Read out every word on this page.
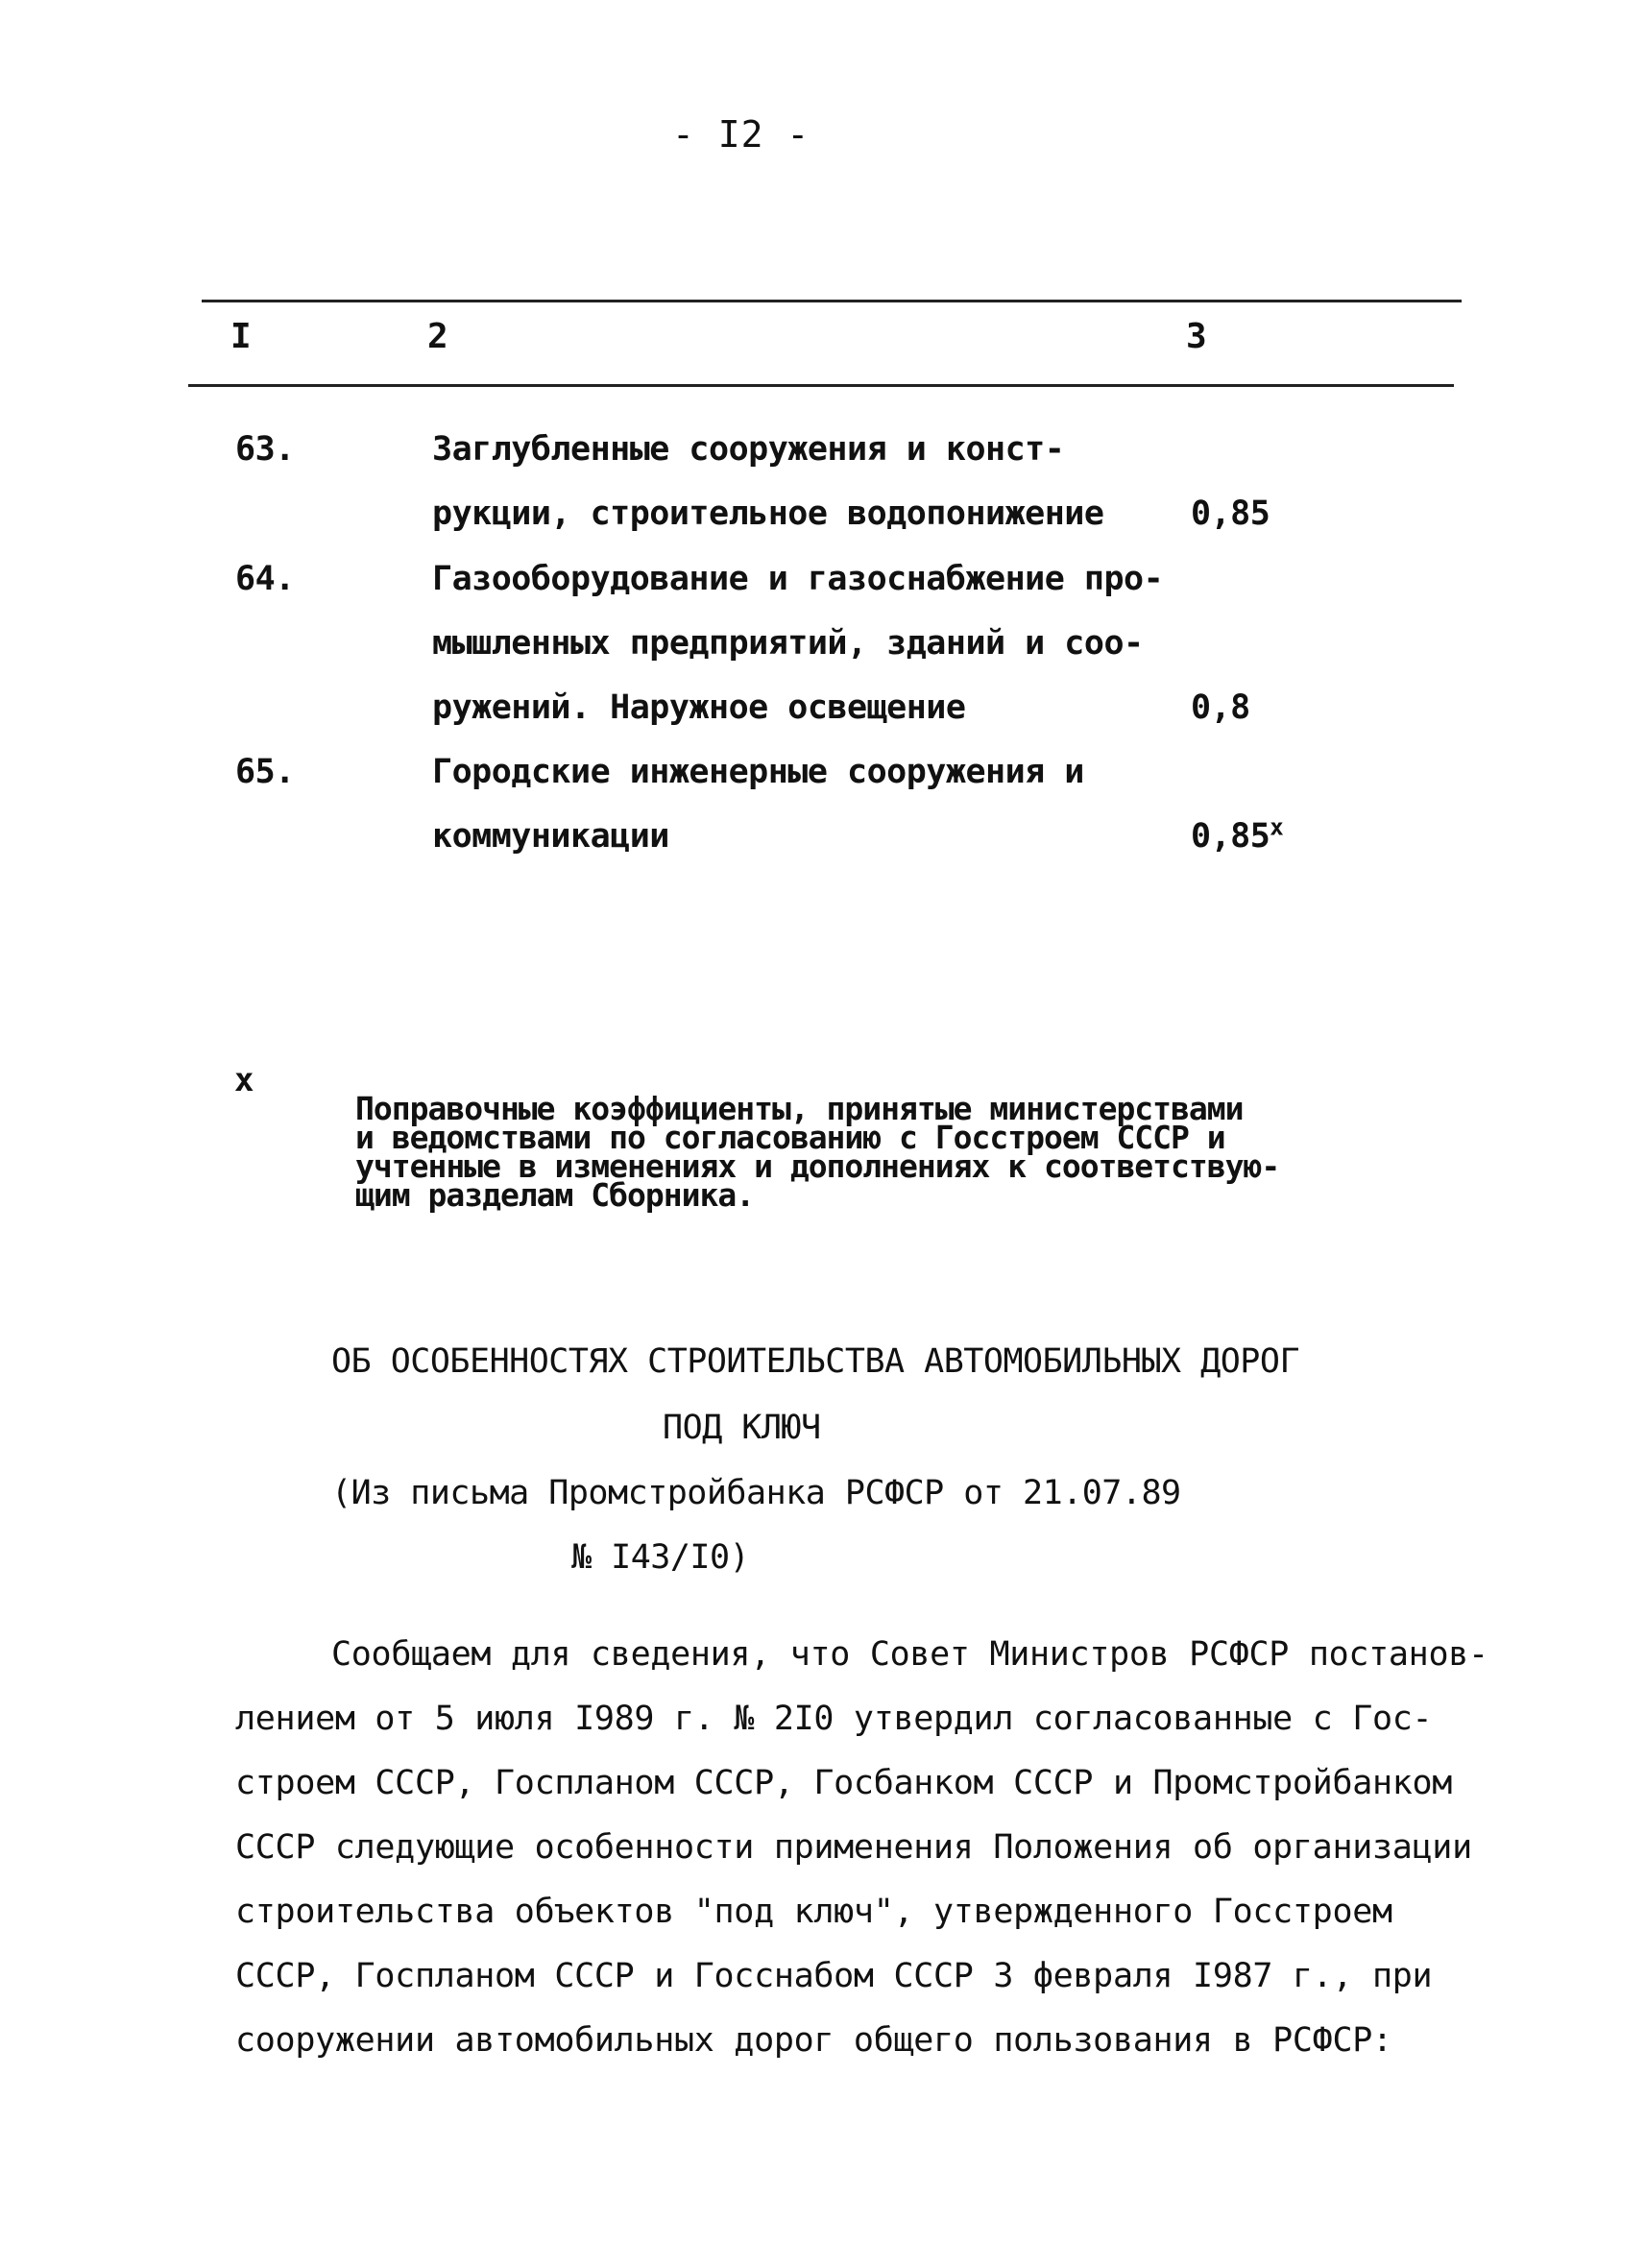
- I2 -
I	2	3
63.	Заглубленные сооружения и конст-
рукции, строительное водопонижение	0,85
64.	Газооборудование и газоснабжение про-
мышленных предприятий, зданий и соо-
ружений. Наружное освещение	0,8
65.	Городские инженерные сооружения и
коммуникации	0,85$^x$
x
Поправочные коэффициенты, принятые министерствами
и ведомствами по согласованию с Госстроем СССР и
учтенные в изменениях и дополнениях к соответствую-
щим разделам Сборника.
ОБ ОСОБЕННОСТЯХ СТРОИТЕЛЬСТВА АВТОМОБИЛЬНЫХ ДОРОГ
ПОД КЛЮЧ
(Из письма Промстройбанка РСФСР от 21.07.89
№ I43/I0)
Сообщаем для сведения, что Совет Министров РСФСР постанов-
лением от 5 июля I989 г. № 2I0 утвердил согласованные с Гос-
строем СССР, Госпланом СССР, Госбанком СССР и Промстройбанком
СССР следующие особенности применения Положения об организации
строительства объектов "под ключ", утвержденного Госстроем
СССР, Госпланом СССР и Госснабом СССР 3 февраля I987 г., при
сооружении автомобильных дорог общего пользования в РСФСР:
